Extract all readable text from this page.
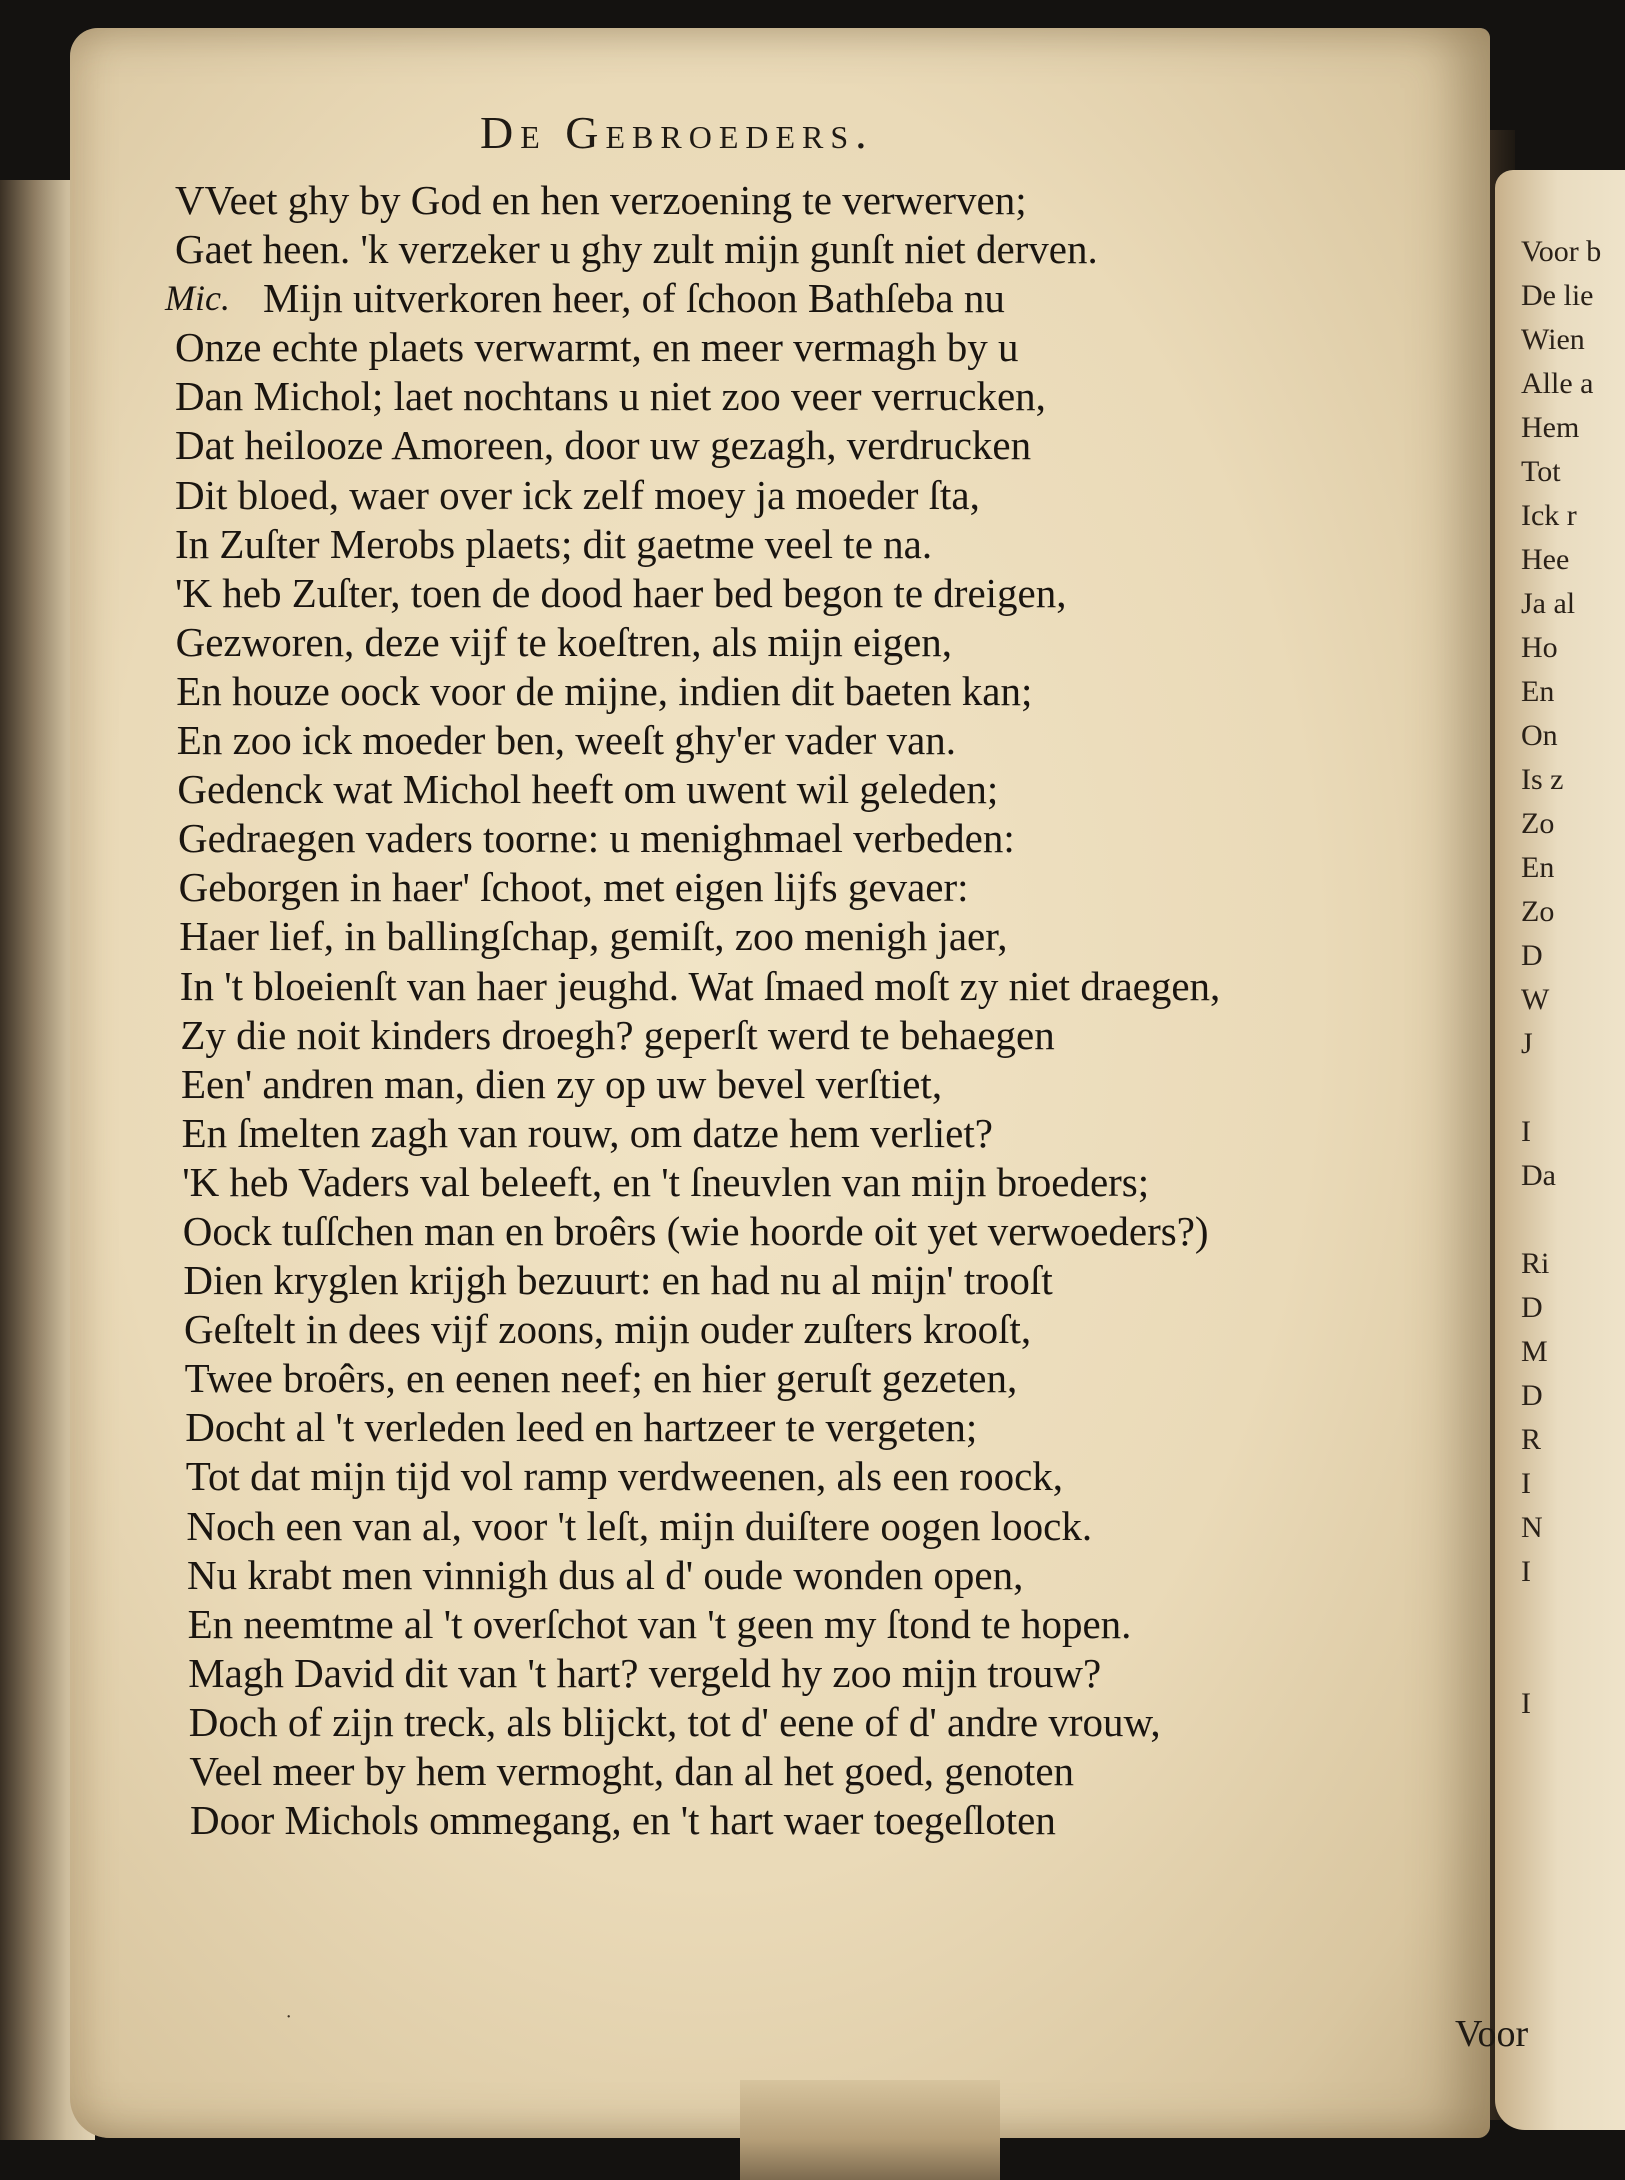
Voor b
De lie
Wien
Alle a
Hem
Tot
Ick r
Hee
Ja al
Ho
En
On
Is z
Zo
En
Zo
D
W
J
I
Da
Ri
D
M
D
R
I
N
I
I
De Gebroeders.
VVeet ghy by God en hen verzoening te verwerven;
Gaet heen. 'k verzeker u ghy zult mijn gunſt niet derven.
Mic. Mijn uitverkoren heer, of ſchoon Bathſeba nu
Onze echte plaets verwarmt, en meer vermagh by u
Dan Michol; laet nochtans u niet zoo veer verrucken,
Dat heilooze Amoreen, door uw gezagh, verdrucken
Dit bloed, waer over ick zelf moey ja moeder ſta,
In Zuſter Merobs plaets; dit gaetme veel te na.
'K heb Zuſter, toen de dood haer bed begon te dreigen,
Gezworen, deze vijf te koeſtren, als mijn eigen,
En houze oock voor de mijne, indien dit baeten kan;
En zoo ick moeder ben, weeſt ghy'er vader van.
Gedenck wat Michol heeft om uwent wil geleden;
Gedraegen vaders toorne: u menighmael verbeden:
Geborgen in haer' ſchoot, met eigen lijfs gevaer:
Haer lief, in ballingſchap, gemiſt, zoo menigh jaer,
In 't bloeienſt van haer jeughd. Wat ſmaed moſt zy niet draegen,
Zy die noit kinders droegh? geperſt werd te behaegen
Een' andren man, dien zy op uw bevel verſtiet,
En ſmelten zagh van rouw, om datze hem verliet?
'K heb Vaders val beleeft, en 't ſneuvlen van mijn broeders;
Oock tuſſchen man en broêrs (wie hoorde oit yet verwoeders?)
Dien kryglen krijgh bezuurt: en had nu al mijn' trooſt
Geſtelt in dees vijf zoons, mijn ouder zuſters krooſt,
Twee broêrs, en eenen neef; en hier geruſt gezeten,
Docht al 't verleden leed en hartzeer te vergeten;
Tot dat mijn tijd vol ramp verdweenen, als een roock,
Noch een van al, voor 't leſt, mijn duiſtere oogen loock.
Nu krabt men vinnigh dus al d' oude wonden open,
En neemtme al 't overſchot van 't geen my ſtond te hopen.
Magh David dit van 't hart? vergeld hy zoo mijn trouw?
Doch of zijn treck, als blijckt, tot d' eene of d' andre vrouw,
Veel meer by hem vermoght, dan al het goed, genoten
Door Michols ommegang, en 't hart waer toegeſloten
˙	Voor
